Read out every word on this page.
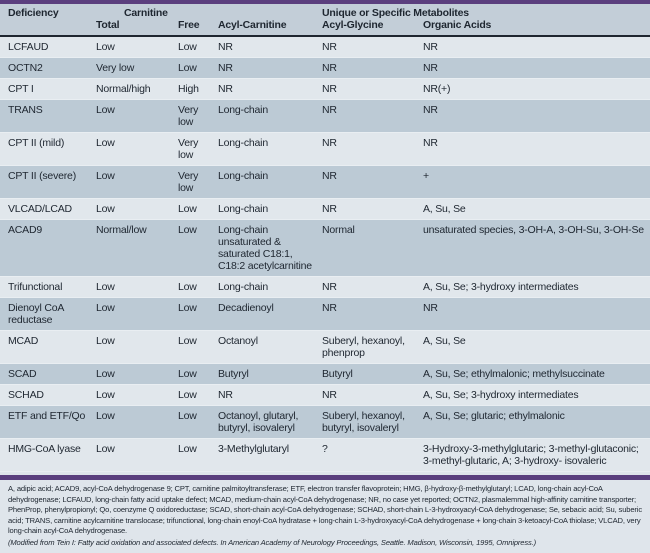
Deficiency	Carnitine			Unique or Specific Metabolites	
	Total	Free	Acyl-Carnitine	Acyl-Glycine	Organic Acids
LCFAUD	Low	Low	NR	NR	NR
OCTN2	Very low	Low	NR	NR	NR
CPT I	Normal/high	High	NR	NR	NR(+)
TRANS	Low	Very low	Long-chain	NR	NR
CPT II (mild)	Low	Very low	Long-chain	NR	NR
CPT II (severe)	Low	Very low	Long-chain	NR	+
VLCAD/LCAD	Low	Low	Long-chain	NR	A, Su, Se
ACAD9	Normal/low	Low	Long-chain unsaturated & saturated C18:1, C18:2 acetylcarnitine	Normal	unsaturated species, 3-OH-A, 3-OH-Su, 3-OH-Se
Trifunctional	Low	Low	Long-chain	NR	A, Su, Se; 3-hydroxy intermediates
Dienoyl CoA reductase	Low	Low	Decadienoyl	NR	NR
MCAD	Low	Low	Octanoyl	Suberyl, hexanoyl, phenprop	A, Su, Se
SCAD	Low	Low	Butyryl	Butyryl	A, Su, Se; ethylmalonic; methylsuccinate
SCHAD	Low	Low	NR	NR	A, Su, Se; 3-hydroxy intermediates
ETF and ETF/Qo	Low	Low	Octanoyl, glutaryl, butyryl, isovaleryl	Suberyl, hexanoyl, butyryl, isovaleryl	A, Su, Se; glutaric; ethylmalonic
HMG-CoA lyase	Low	Low	3-Methylglutaryl	?	3-Hydroxy-3-methylglutaric; 3-methyl-glutaconic; 3-methyl-glutaric, A; 3-hydroxy- isovaleric
A, adipic acid; ACAD9, acyl-CoA dehydrogenase 9; CPT, carnitine palmitoyltransferase; ETF, electron transfer flavoprotein; HMG, β-hydroxy-β-methylglutaryl; LCAD, long-chain acyl-CoA dehydrogenase; LCFAUD, long-chain fatty acid uptake defect; MCAD, medium-chain acyl-CoA dehydrogenase; NR, no case yet reported; OCTN2, plasmalemmal high-affinity carnitine transporter; PhenProp, phenylpropionyl; Qo, coenzyme Q oxidoreductase; SCAD, short-chain acyl-CoA dehydrogenase; SCHAD, short-chain L-3-hydroxyacyl-CoA dehydrogenase; Se, sebacic acid; Su, suberic acid; TRANS, carnitine acylcarnitine translocase; trifunctional, long-chain enoyl-CoA hydratase + long-chain L-3-hydroxyacyl-CoA dehydrogenase + long-chain 3-ketoacyl-CoA thiolase; VLCAD, very long-chain acyl-CoA dehydrogenase.
(Modified from Tein I: Fatty acid oxidation and associated defects. In American Academy of Neurology Proceedings, Seattle. Madison, Wisconsin, 1995, Omnipress.)
